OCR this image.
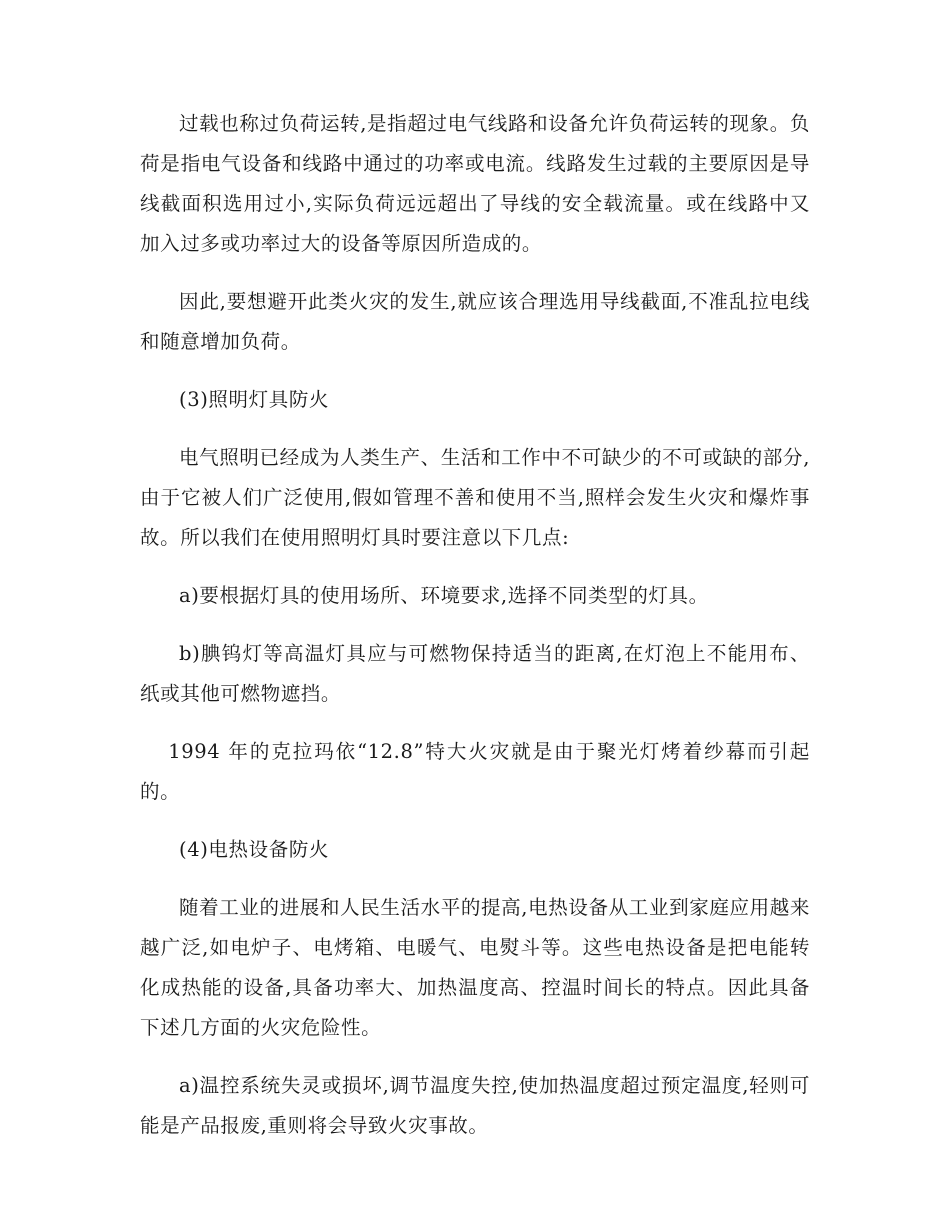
过载也称过负荷运转,是指超过电气线路和设备允许负荷运转的现象。负荷是指电气设备和线路中通过的功率或电流。线路发生过载的主要原因是导线截面积选用过小,实际负荷远远超出了导线的安全载流量。或在线路中又加入过多或功率过大的设备等原因所造成的。

因此,要想避开此类火灾的发生,就应该合理选用导线截面,不准乱拉电线和随意增加负荷。

(3)照明灯具防火

电气照明已经成为人类生产、生活和工作中不可缺少的不可或缺的部分,由于它被人们广泛使用,假如管理不善和使用不当,照样会发生火灾和爆炸事故。所以我们在使用照明灯具时要注意以下几点:

a)要根据灯具的使用场所、环境要求,选择不同类型的灯具。

b)腆钨灯等高温灯具应与可燃物保持适当的距离,在灯泡上不能用布、纸或其他可燃物遮挡。

1994 年的克拉玛依“12.8”特大火灾就是由于聚光灯烤着纱幕而引起的。

(4)电热设备防火

随着工业的进展和人民生活水平的提高,电热设备从工业到家庭应用越来越广泛,如电炉子、电烤箱、电暖气、电熨斗等。这些电热设备是把电能转化成热能的设备,具备功率大、加热温度高、控温时间长的特点。因此具备下述几方面的火灾危险性。

a)温控系统失灵或损坏,调节温度失控,使加热温度超过预定温度,轻则可能是产品报废,重则将会导致火灾事故。
